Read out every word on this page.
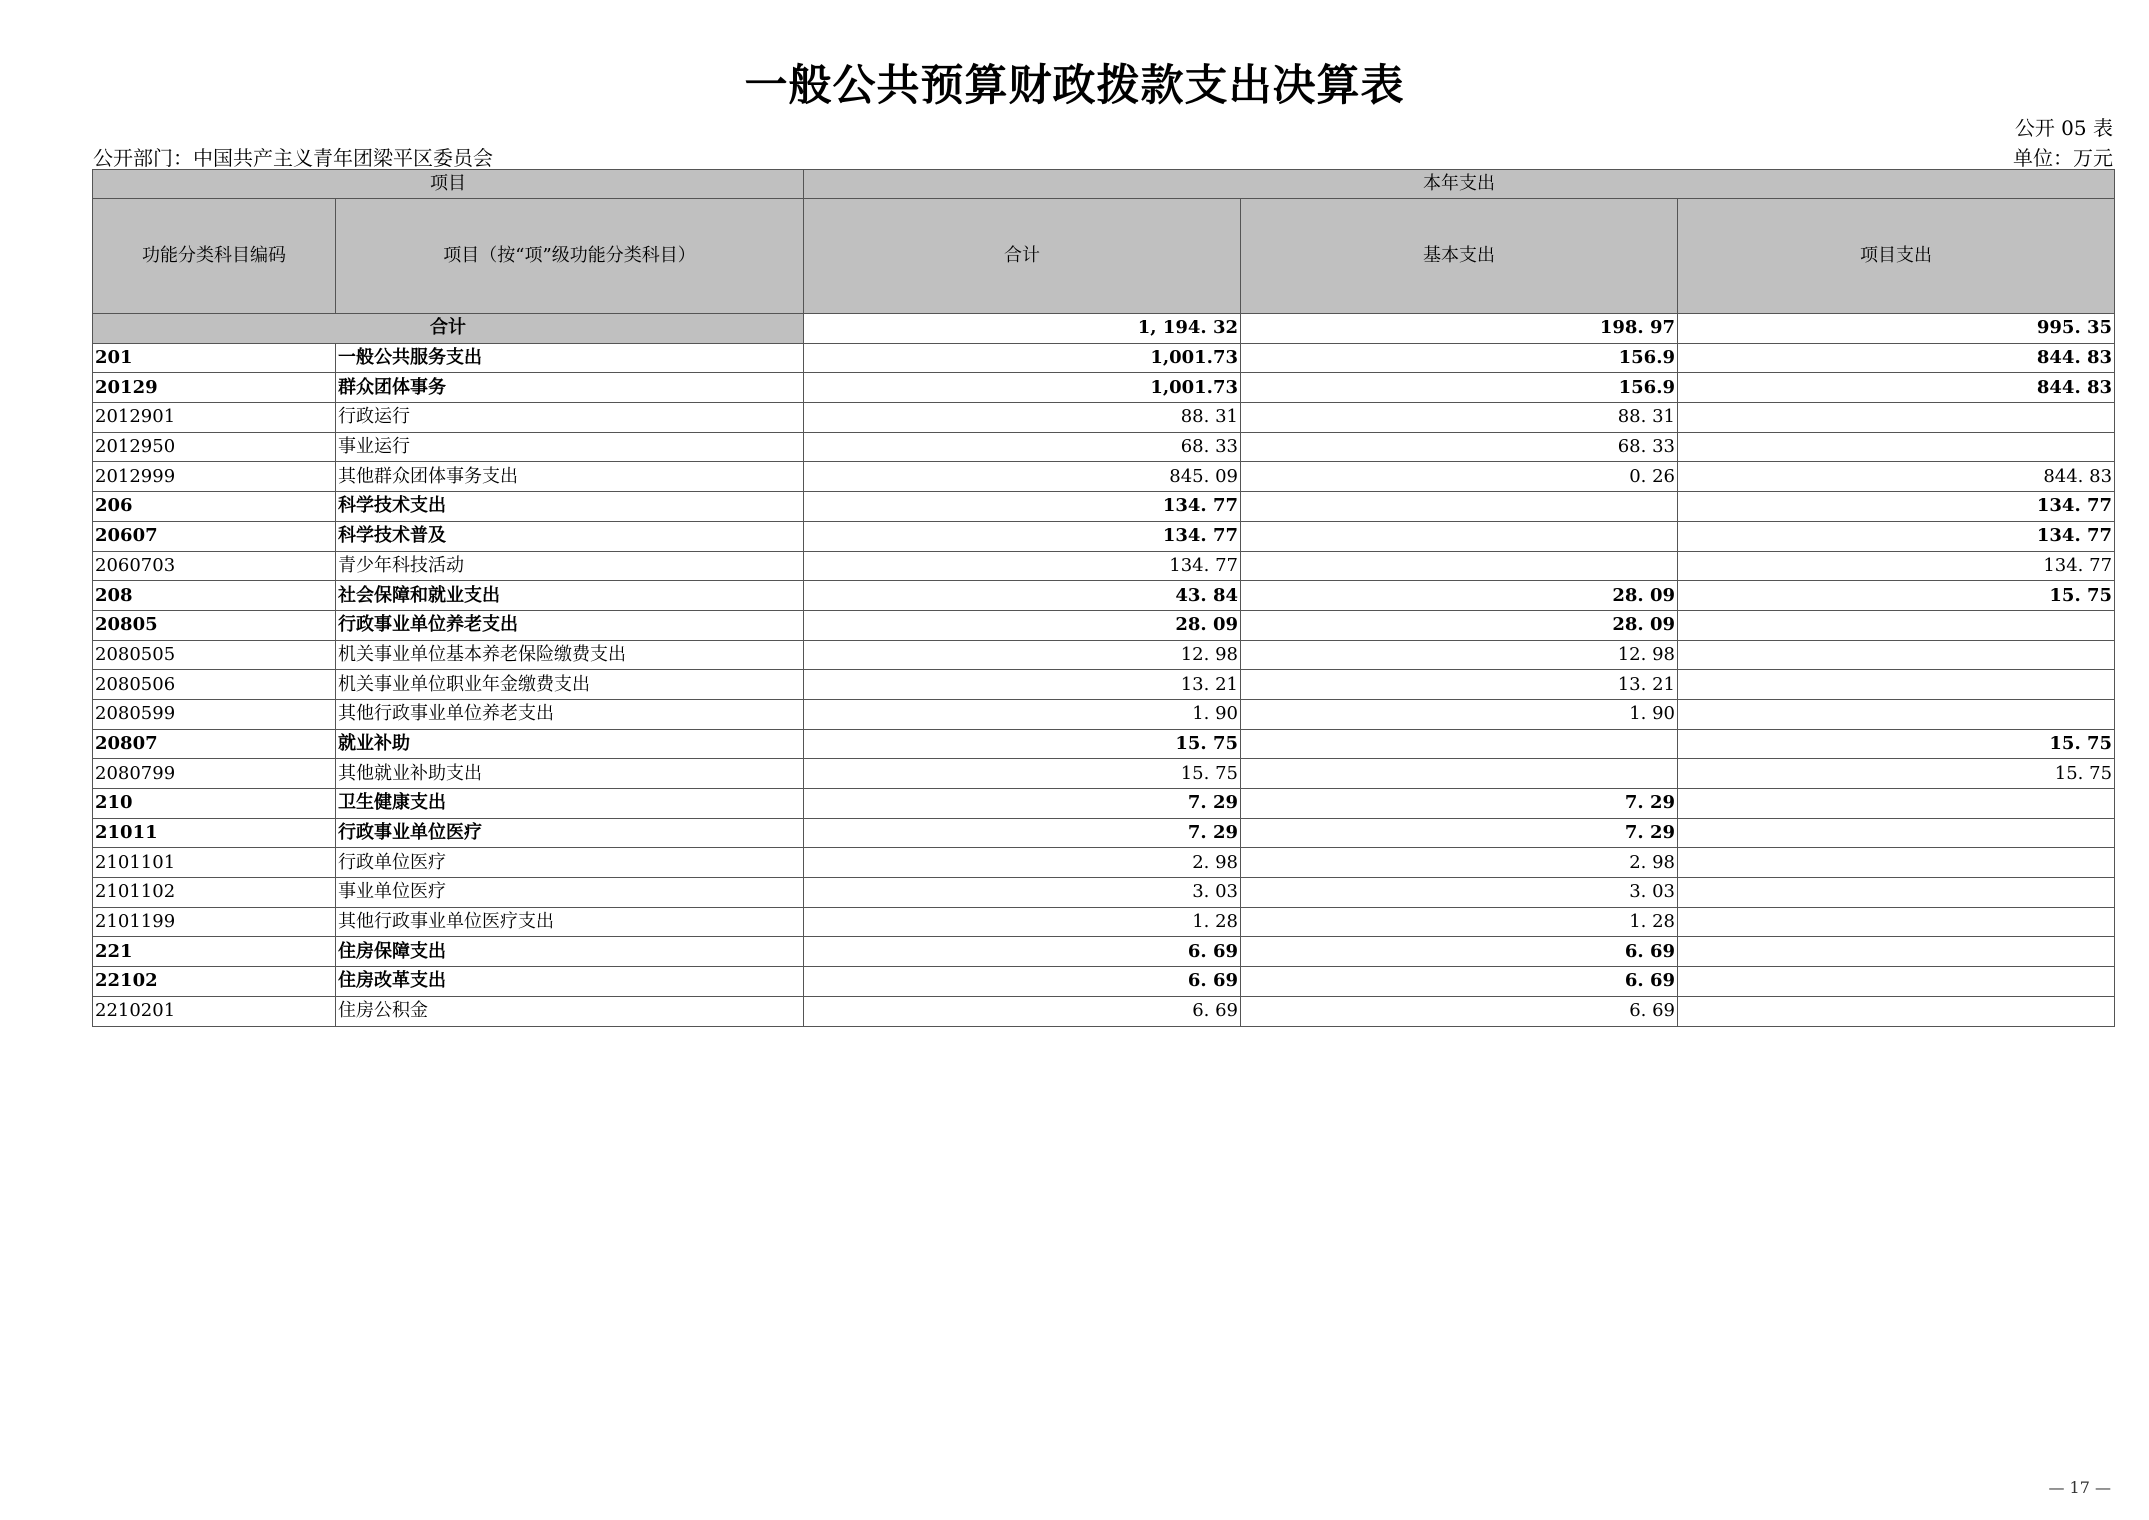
一般公共预算财政拨款支出决算表
公开 05 表
公开部门：中国共产主义青年团梁平区委员会	单位：万元
项目		本年支出		
功能分类科目编码	项目（按“项”级功能分类科目）	合计	基本支出	项目支出
合计		1, 194. 32	198. 97	995. 35
201	一般公共服务支出	1,001.73	156.9	844. 83
20129	群众团体事务	1,001.73	156.9	844. 83
2012901	行政运行	88. 31	88. 31	
2012950	事业运行	68. 33	68. 33	
2012999	其他群众团体事务支出	845. 09	0. 26	844. 83
206	科学技术支出	134. 77		134. 77
20607	科学技术普及	134. 77		134. 77
2060703	青少年科技活动	134. 77		134. 77
208	社会保障和就业支出	43. 84	28. 09	15. 75
20805	行政事业单位养老支出	28. 09	28. 09	
2080505	机关事业单位基本养老保险缴费支出	12. 98	12. 98	
2080506	机关事业单位职业年金缴费支出	13. 21	13. 21	
2080599	其他行政事业单位养老支出	1. 90	1. 90	
20807	就业补助	15. 75		15. 75
2080799	其他就业补助支出	15. 75		15. 75
210	卫生健康支出	7. 29	7. 29	
21011	行政事业单位医疗	7. 29	7. 29	
2101101	行政单位医疗	2. 98	2. 98	
2101102	事业单位医疗	3. 03	3. 03	
2101199	其他行政事业单位医疗支出	1. 28	1. 28	
221	住房保障支出	6. 69	6. 69	
22102	住房改革支出	6. 69	6. 69	
2210201	住房公积金	6. 69	6. 69	
— 17 —
